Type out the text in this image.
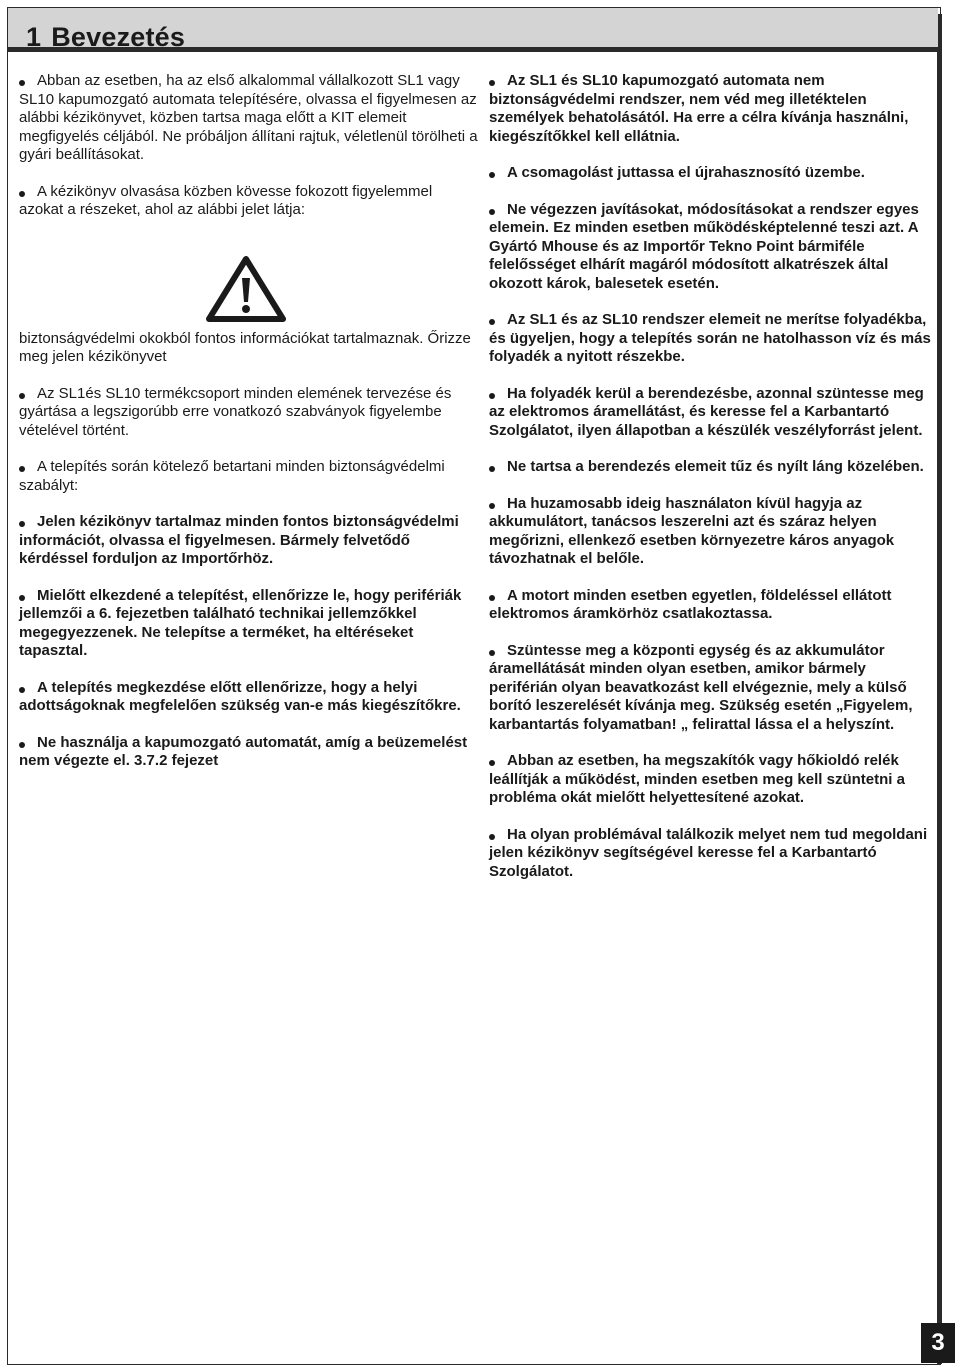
1 Bevezetés

Abban az esetben, ha az első alkalommal vállalkozott SL1 vagy SL10 kapumozgató automata telepítésére, olvassa el figyelmesen az alábbi kézikönyvet, közben tartsa maga előtt a KIT elemeit megfigyelés céljából. Ne próbáljon állítani rajtuk, véletlenül törölheti a gyári beállításokat.

A kézikönyv olvasása közben kövesse fokozott figyelemmel azokat a részeket, ahol az alábbi jelet látja:

biztonságvédelmi okokból fontos információkat tartalmaznak. Őrizze meg jelen kézikönyvet

Az SL1és SL10 termékcsoport minden elemének tervezése és gyártása a legszigorúbb erre vonatkozó szabványok figyelembe vételével történt.

A telepítés során kötelező betartani minden biztonságvédelmi szabályt:

Jelen kézikönyv tartalmaz minden fontos biztonságvédelmi információt, olvassa el figyelmesen. Bármely felvetődő kérdéssel forduljon az Importőrhöz.

Mielőtt elkezdené a telepítést, ellenőrizze le, hogy perifériák jellemzői a 6. fejezetben található technikai jellemzőkkel megegyezzenek. Ne telepítse a terméket, ha eltéréseket tapasztal.

A telepítés megkezdése előtt ellenőrizze, hogy a helyi adottságoknak megfelelően szükség van-e más kiegészítőkre.

Ne használja a kapumozgató automatát, amíg a beüzemelést nem végezte el. 3.7.2 fejezet

Az SL1 és SL10 kapumozgató automata nem biztonságvédelmi rendszer, nem véd meg illetéktelen személyek behatolásától. Ha erre a célra kívánja használni, kiegészítőkkel kell ellátnia.

A csomagolást juttassa el újrahasznosító üzembe.

Ne végezzen javításokat, módosításokat a rendszer egyes elemein. Ez minden esetben működésképtelenné teszi azt. A Gyártó Mhouse és az Importőr Tekno Point bármiféle felelősséget elhárít magáról módosított alkatrészek által okozott károk, balesetek esetén.

Az SL1 és az SL10 rendszer elemeit ne merítse folyadékba, és ügyeljen, hogy a telepítés során ne hatolhasson víz és más folyadék a nyitott részekbe.

Ha folyadék kerül a berendezésbe, azonnal szüntesse meg az elektromos áramellátást, és keresse fel a Karbantartó Szolgálatot, ilyen állapotban a készülék veszélyforrást jelent.

Ne tartsa a berendezés elemeit tűz és nyílt láng közelében.

Ha huzamosabb ideig használaton kívül hagyja az akkumulátort, tanácsos leszerelni azt és száraz helyen megőrizni, ellenkező esetben környezetre káros anyagok távozhatnak el belőle.

A motort minden esetben egyetlen, földeléssel ellátott elektromos áramkörhöz csatlakoztassa.

Szüntesse meg a központi egység és az akkumulátor áramellátását minden olyan esetben, amikor bármely periférián olyan beavatkozást kell elvégeznie, mely a külső borító leszerelését kívánja meg. Szükség esetén „Figyelem, karbantartás folyamatban! „ felirattal lássa el a helyszínt.

Abban az esetben, ha megszakítók vagy hőkioldó relék leállítják a működést, minden esetben meg kell szüntetni a probléma okát mielőtt helyettesítené azokat.

Ha olyan problémával találkozik melyet nem tud megoldani jelen kézikönyv segítségével keresse fel a Karbantartó Szolgálatot.

3
